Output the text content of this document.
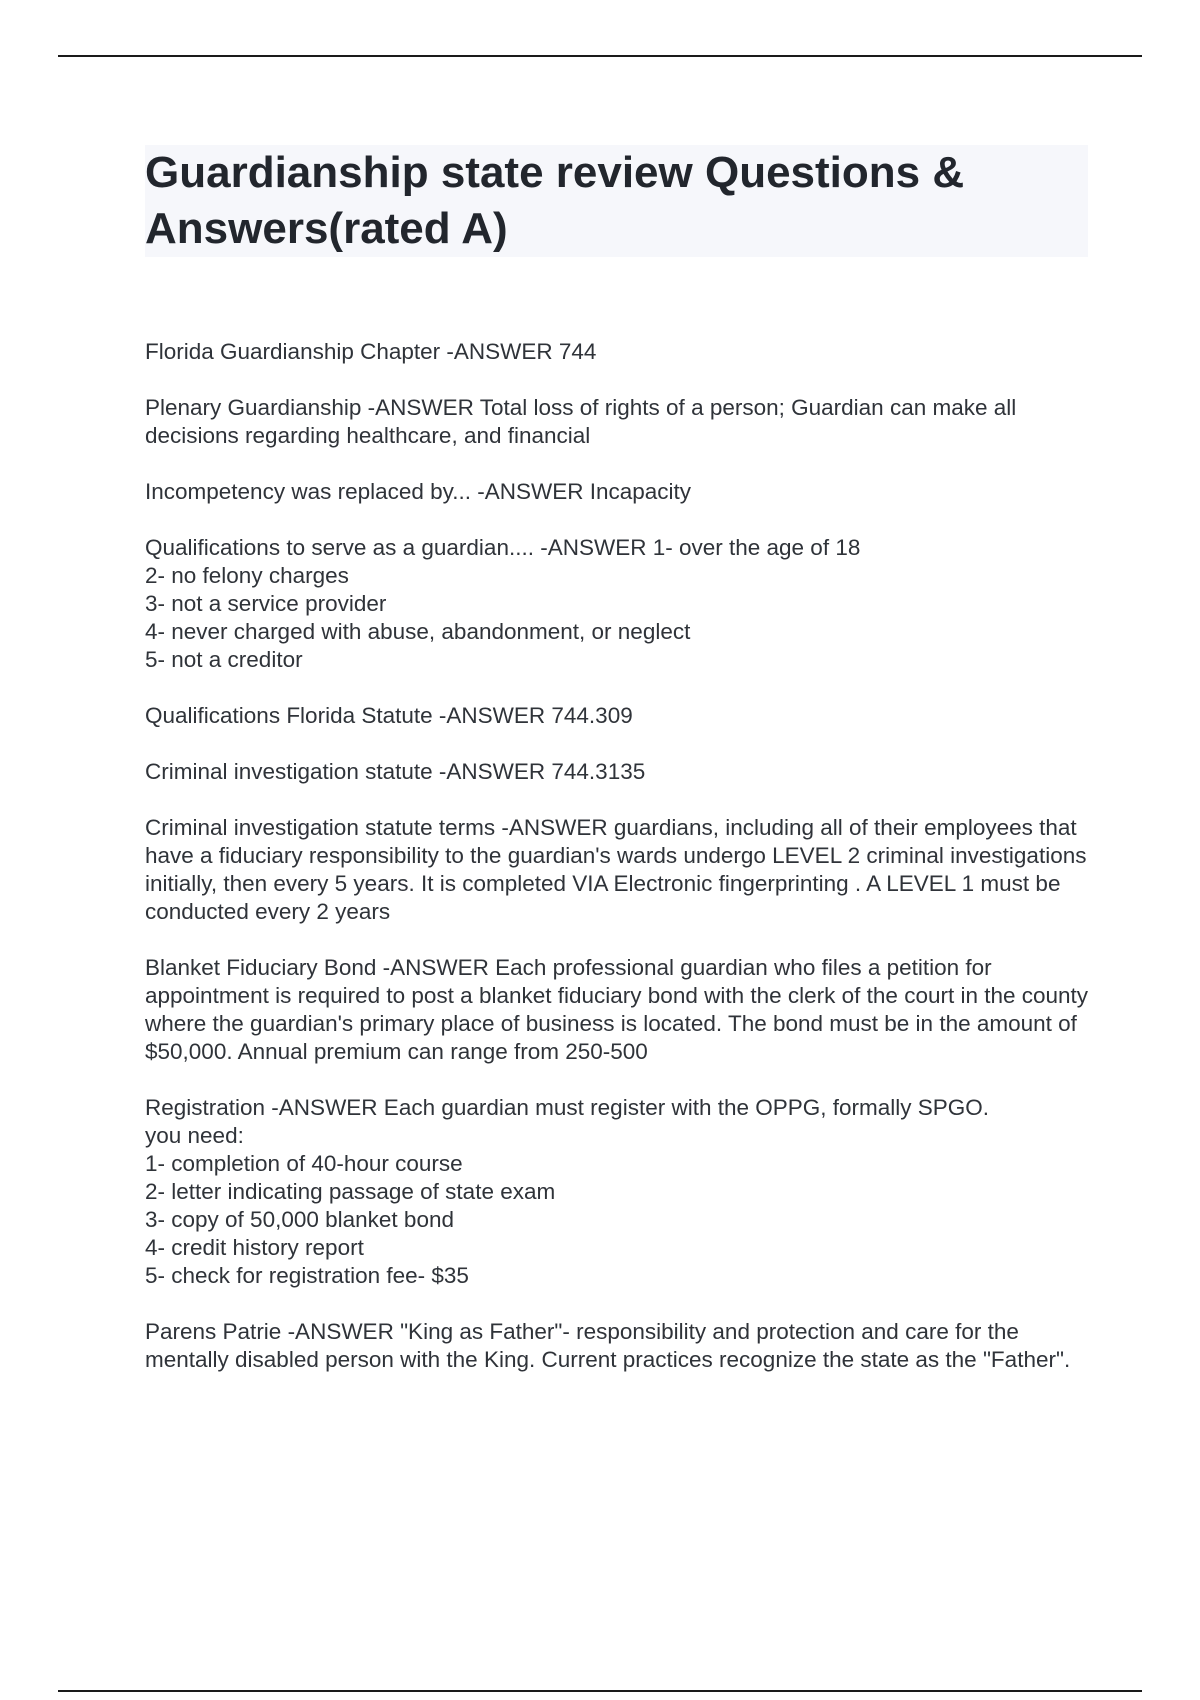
Guardianship state review Questions & Answers(rated A)

Florida Guardianship Chapter -ANSWER 744

Plenary Guardianship -ANSWER Total loss of rights of a person; Guardian can make all decisions regarding healthcare, and financial

Incompetency was replaced by... -ANSWER Incapacity

Qualifications to serve as a guardian.... -ANSWER 1- over the age of 18
2- no felony charges
3- not a service provider
4- never charged with abuse, abandonment, or neglect
5- not a creditor

Qualifications Florida Statute -ANSWER 744.309

Criminal investigation statute -ANSWER 744.3135

Criminal investigation statute terms -ANSWER guardians, including all of their employees that have a fiduciary responsibility to the guardian's wards undergo LEVEL 2 criminal investigations initially, then every 5 years. It is completed VIA Electronic fingerprinting . A LEVEL 1 must be conducted every 2 years

Blanket Fiduciary Bond -ANSWER Each professional guardian who files a petition for appointment is required to post a blanket fiduciary bond with the clerk of the court in the county where the guardian's primary place of business is located. The bond must be in the amount of $50,000. Annual premium can range from 250-500

Registration -ANSWER Each guardian must register with the OPPG, formally SPGO.
you need:
1- completion of 40-hour course
2- letter indicating passage of state exam
3- copy of 50,000 blanket bond
4- credit history report
5- check for registration fee- $35

Parens Patrie -ANSWER "King as Father"- responsibility and protection and care for the mentally disabled person with the King. Current practices recognize the state as the "Father".
